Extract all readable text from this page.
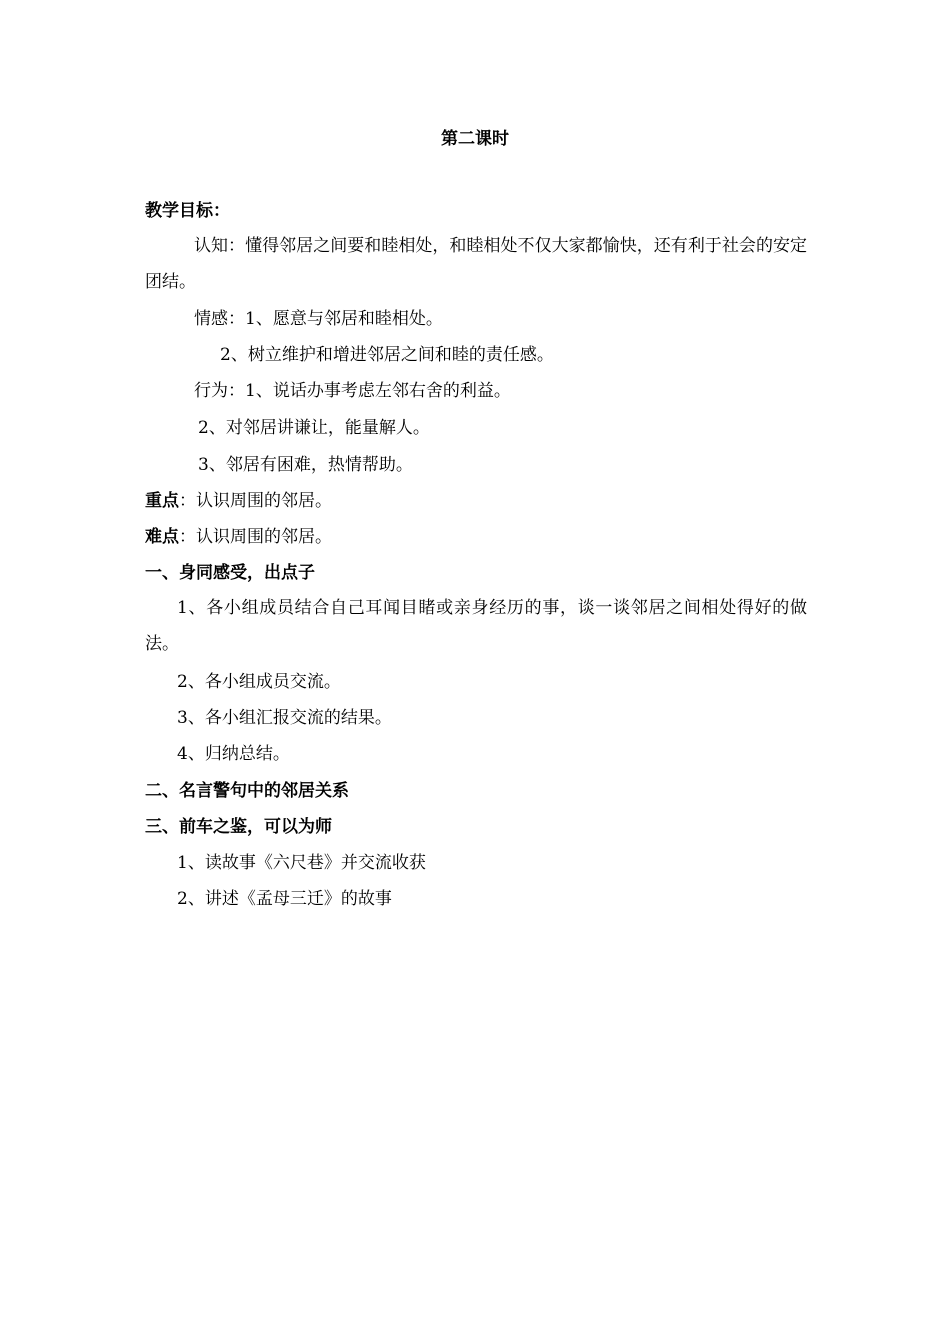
第二课时
教学目标：

认知：懂得邻居之间要和睦相处，和睦相处不仅大家都愉快，还有利于社会的安定团结。

情感：1、愿意与邻居和睦相处。
2、树立维护和增进邻居之间和睦的责任感。
行为：1、说话办事考虑左邻右舍的利益。
2、对邻居讲谦让，能量解人。
3、邻居有困难，热情帮助。
重点：认识周围的邻居。
难点：认识周围的邻居。
一、身同感受，出点子

1、各小组成员结合自己耳闻目睹或亲身经历的事，谈一谈邻居之间相处得好的做法。

2、各小组成员交流。
3、各小组汇报交流的结果。
4、归纳总结。
二、名言警句中的邻居关系
三、前车之鉴，可以为师
1、读故事《六尺巷》并交流收获
2、讲述《孟母三迁》的故事
